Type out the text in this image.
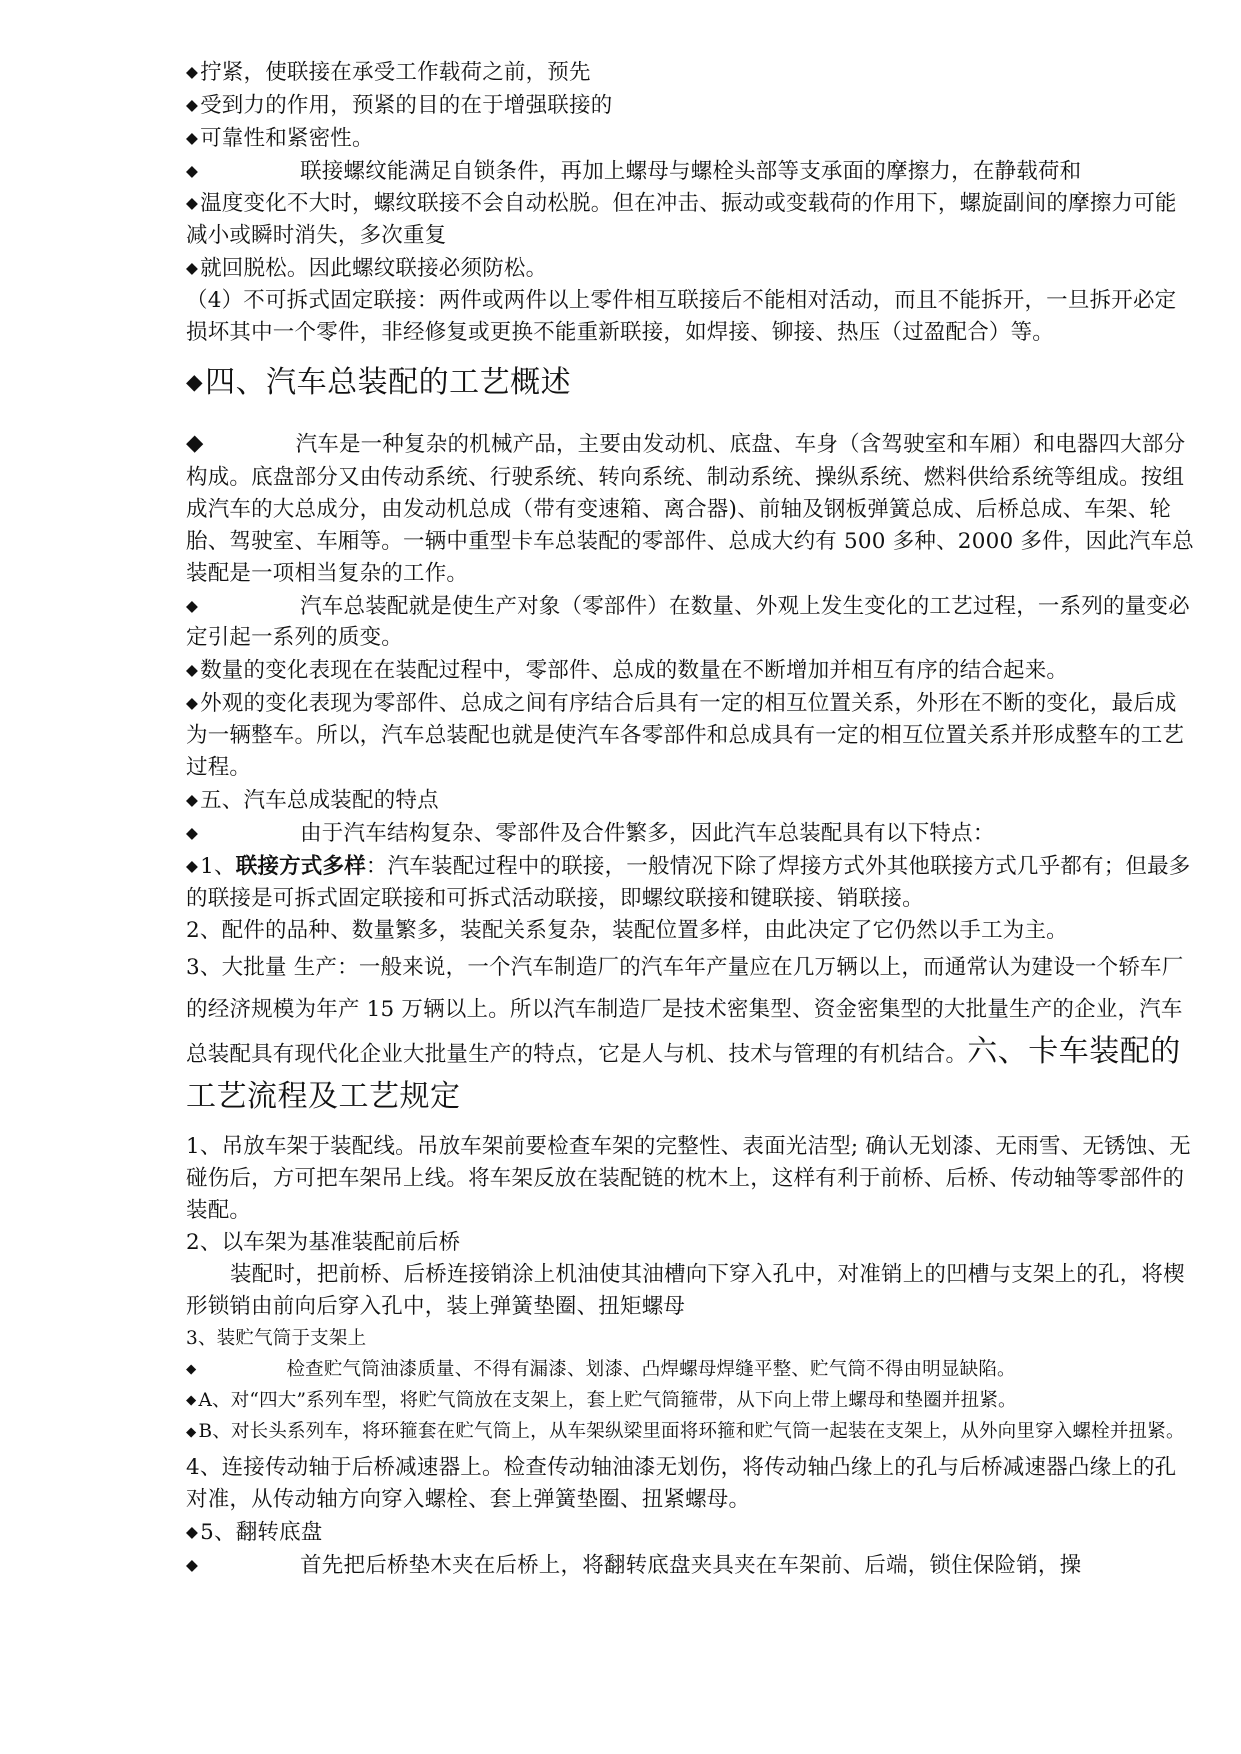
◆拧紧，使联接在承受工作载荷之前，预先

◆受到力的作用，预紧的目的在于增强联接的

◆可靠性和紧密性。

◆	联接螺纹能满足自锁条件，再加上螺母与螺栓头部等支承面的摩擦力，在静载荷和

◆温度变化不大时，螺纹联接不会自动松脱。但在冲击、振动或变载荷的作用下，螺旋副间的摩擦力可能减小或瞬时消失，多次重复

◆就回脱松。因此螺纹联接必须防松。

（4）不可拆式固定联接：两件或两件以上零件相互联接后不能相对活动，而且不能拆开，一旦拆开必定损坏其中一个零件，非经修复或更换不能重新联接，如焊接、铆接、热压（过盈配合）等。

◆四、汽车总装配的工艺概述

◆	汽车是一种复杂的机械产品，主要由发动机、底盘、车身（含驾驶室和车厢）和电器四大部分构成。底盘部分又由传动系统、行驶系统、转向系统、制动系统、操纵系统、燃料供给系统等组成。按组成汽车的大总成分，由发动机总成（带有变速箱、离合器)、前轴及钢板弹簧总成、后桥总成、车架、轮胎、驾驶室、车厢等。一辆中重型卡车总装配的零部件、总成大约有 500 多种、2000 多件，因此汽车总装配是一项相当复杂的工作。

◆	汽车总装配就是使生产对象（零部件）在数量、外观上发生变化的工艺过程，一系列的量变必定引起一系列的质变。

◆数量的变化表现在在装配过程中，零部件、总成的数量在不断增加并相互有序的结合起来。

◆外观的变化表现为零部件、总成之间有序结合后具有一定的相互位置关系，外形在不断的变化，最后成为一辆整车。所以，汽车总装配也就是使汽车各零部件和总成具有一定的相互位置关系并形成整车的工艺过程。

◆五、汽车总成装配的特点

◆	由于汽车结构复杂、零部件及合件繁多，因此汽车总装配具有以下特点：

◆1、联接方式多样：汽车装配过程中的联接，一般情况下除了焊接方式外其他联接方式几乎都有；但最多的联接是可拆式固定联接和可拆式活动联接，即螺纹联接和键联接、销联接。

2、配件的品种、数量繁多，装配关系复杂，装配位置多样，由此决定了它仍然以手工为主。

3、大批量 生产：一般来说，一个汽车制造厂的汽车年产量应在几万辆以上，而通常认为建设一个轿车厂的经济规模为年产 15 万辆以上。所以汽车制造厂是技术密集型、资金密集型的大批量生产的企业，汽车总装配具有现代化企业大批量生产的特点，它是人与机、技术与管理的有机结合。六、卡车装配的工艺流程及工艺规定

1、吊放车架于装配线。吊放车架前要检查车架的完整性、表面光洁型; 确认无划漆、无雨雪、无锈蚀、无碰伤后，方可把车架吊上线。将车架反放在装配链的枕木上，这样有利于前桥、后桥、传动轴等零部件的装配。

2、以车架为基准装配前后桥

装配时，把前桥、后桥连接销涂上机油使其油槽向下穿入孔中，对准销上的凹槽与支架上的孔，将楔形锁销由前向后穿入孔中，装上弹簧垫圈、扭矩螺母

3、装贮气筒于支架上

◆	检查贮气筒油漆质量、不得有漏漆、划漆、凸焊螺母焊缝平整、贮气筒不得由明显缺陷。

◆ A、对“四大”系列车型，将贮气筒放在支架上，套上贮气筒箍带，从下向上带上螺母和垫圈并扭紧。

◆ B、对长头系列车，将环箍套在贮气筒上，从车架纵梁里面将环箍和贮气筒一起装在支架上，从外向里穿入螺栓并扭紧。

4、连接传动轴于后桥减速器上。检查传动轴油漆无划伤，将传动轴凸缘上的孔与后桥减速器凸缘上的孔对准，从传动轴方向穿入螺栓、套上弹簧垫圈、扭紧螺母。

◆5、翻转底盘

◆	首先把后桥垫木夹在后桥上，将翻转底盘夹具夹在车架前、后端，锁住保险销，操
